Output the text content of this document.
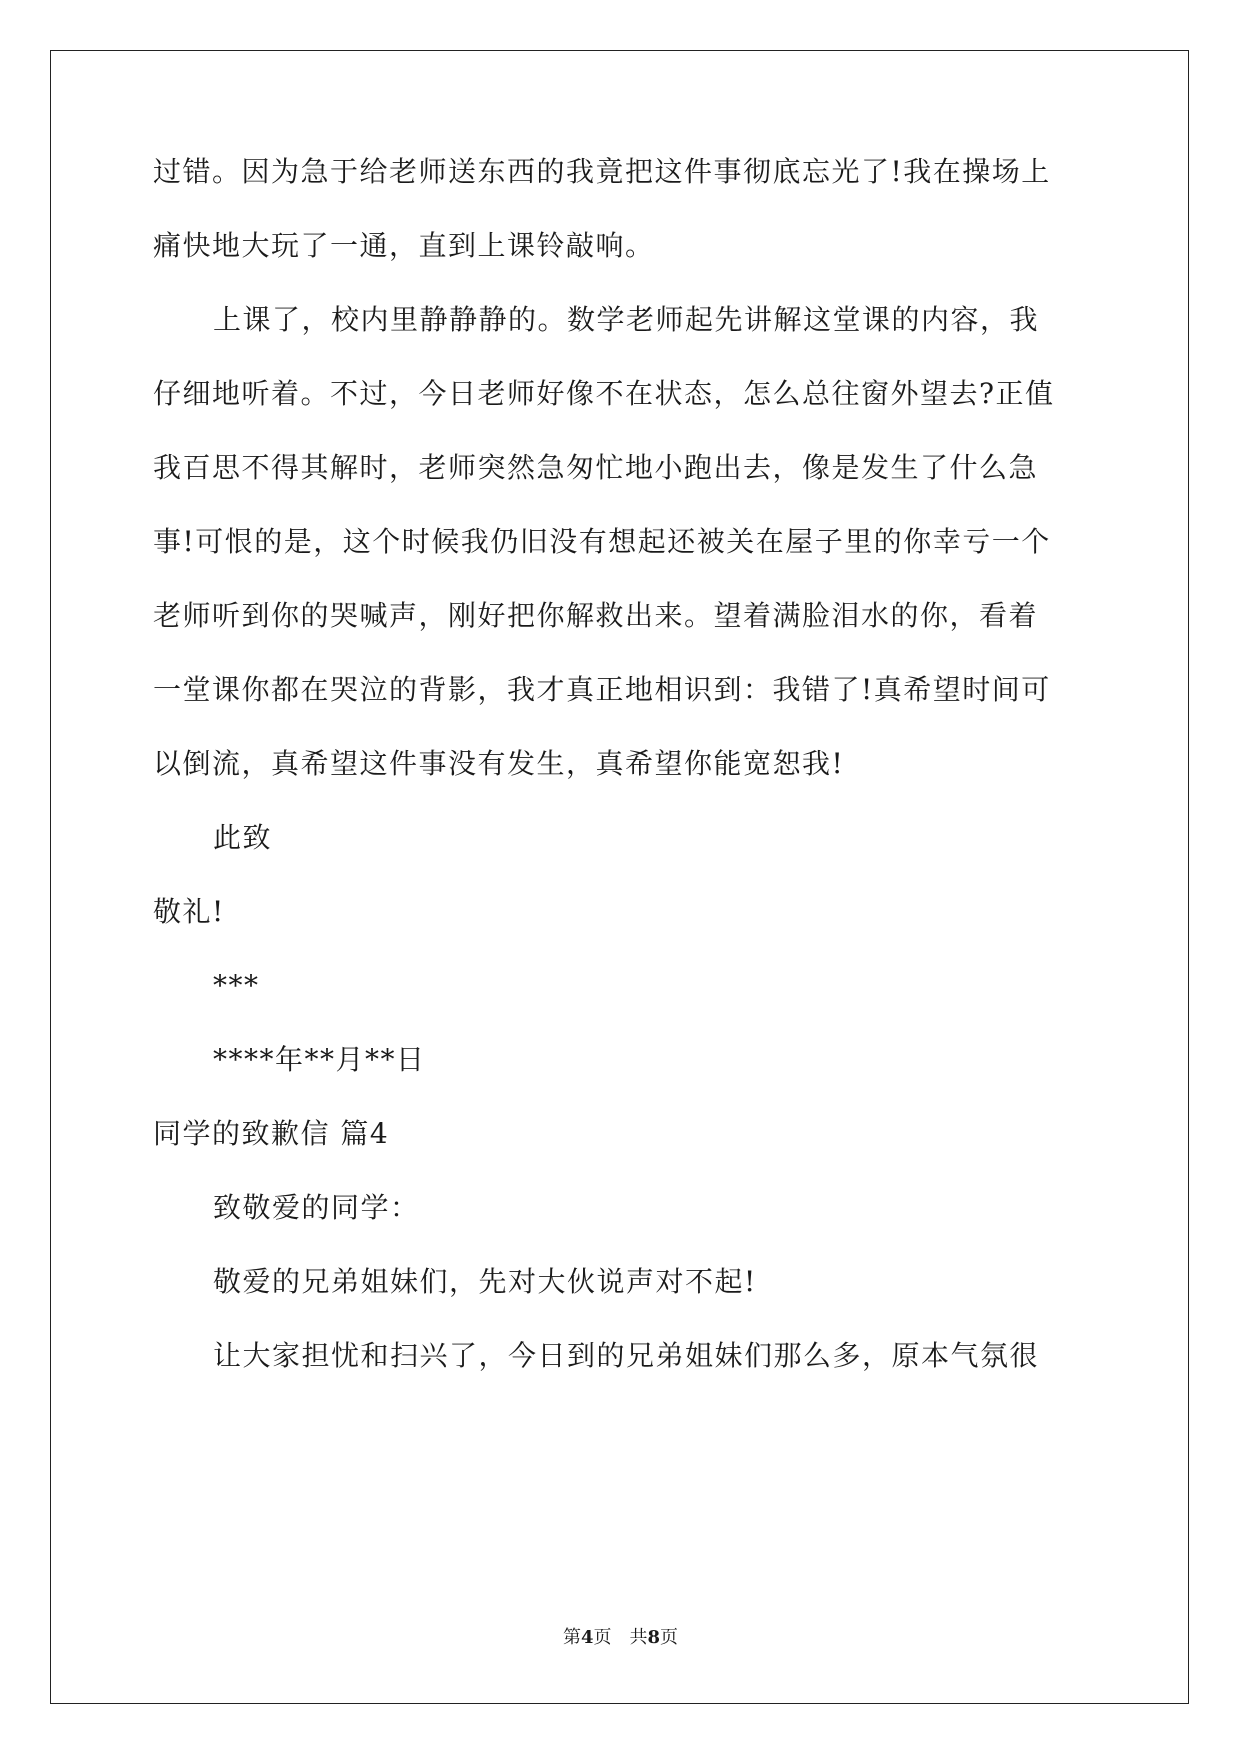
过错。因为急于给老师送东西的我竟把这件事彻底忘光了!我在操场上
痛快地大玩了一通，直到上课铃敲响。
上课了，校内里静静静的。数学老师起先讲解这堂课的内容，我
仔细地听着。不过，今日老师好像不在状态，怎么总往窗外望去?正值
我百思不得其解时，老师突然急匆忙地小跑出去，像是发生了什么急
事!可恨的是，这个时候我仍旧没有想起还被关在屋子里的你幸亏一个
老师听到你的哭喊声，刚好把你解救出来。望着满脸泪水的你，看着
一堂课你都在哭泣的背影，我才真正地相识到：我错了!真希望时间可
以倒流，真希望这件事没有发生，真希望你能宽恕我!
此致
敬礼!
***
****年**月**日
同学的致歉信 篇4
致敬爱的同学：
敬爱的兄弟姐妹们，先对大伙说声对不起!
让大家担忧和扫兴了，今日到的兄弟姐妹们那么多，原本气氛很
第4页 共8页
